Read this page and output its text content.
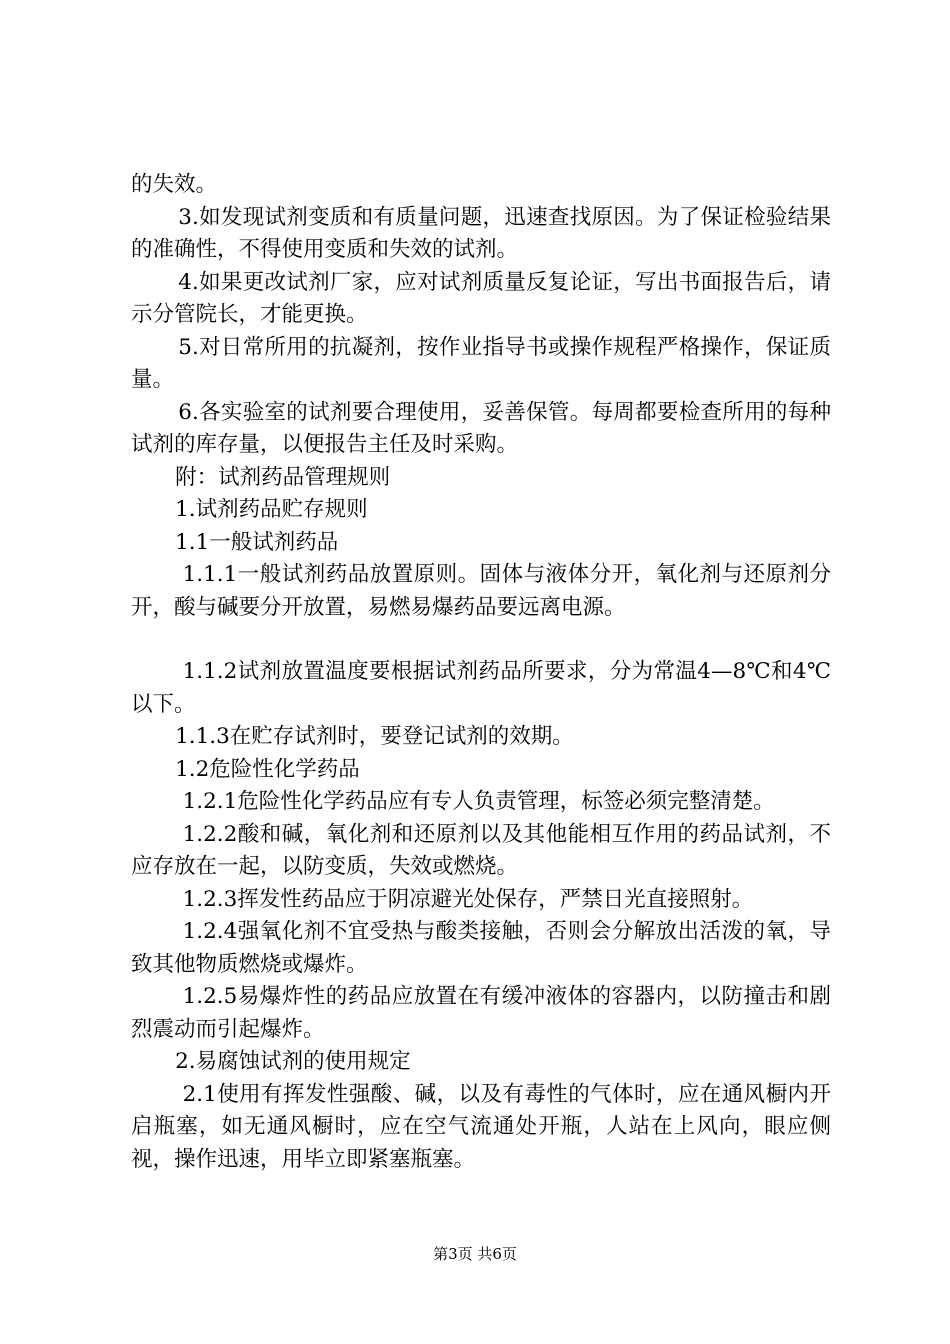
的失效。

3.如发现试剂变质和有质量问题，迅速查找原因。为了保证检验结果的准确性，不得使用变质和失效的试剂。

4.如果更改试剂厂家，应对试剂质量反复论证，写出书面报告后，请示分管院长，才能更换。

5.对日常所用的抗凝剂，按作业指导书或操作规程严格操作，保证质量。

6.各实验室的试剂要合理使用，妥善保管。每周都要检查所用的每种试剂的库存量，以便报告主任及时采购。

附：试剂药品管理规则

1.试剂药品贮存规则

1.1一般试剂药品

1.1.1一般试剂药品放置原则。固体与液体分开，氧化剂与还原剂分开，酸与碱要分开放置，易燃易爆药品要远离电源。

1.1.2试剂放置温度要根据试剂药品所要求，分为常温4—8℃和4℃以下。

1.1.3在贮存试剂时，要登记试剂的效期。

1.2危险性化学药品

1.2.1危险性化学药品应有专人负责管理，标签必须完整清楚。

1.2.2酸和碱，氧化剂和还原剂以及其他能相互作用的药品试剂，不应存放在一起，以防变质，失效或燃烧。

1.2.3挥发性药品应于阴凉避光处保存，严禁日光直接照射。

1.2.4强氧化剂不宜受热与酸类接触，否则会分解放出活泼的氧，导致其他物质燃烧或爆炸。

1.2.5易爆炸性的药品应放置在有缓冲液体的容器内，以防撞击和剧烈震动而引起爆炸。

2.易腐蚀试剂的使用规定

2.1使用有挥发性强酸、碱，以及有毒性的气体时，应在通风橱内开启瓶塞，如无通风橱时，应在空气流通处开瓶，人站在上风向，眼应侧视，操作迅速，用毕立即紧塞瓶塞。

第3页 共6页
